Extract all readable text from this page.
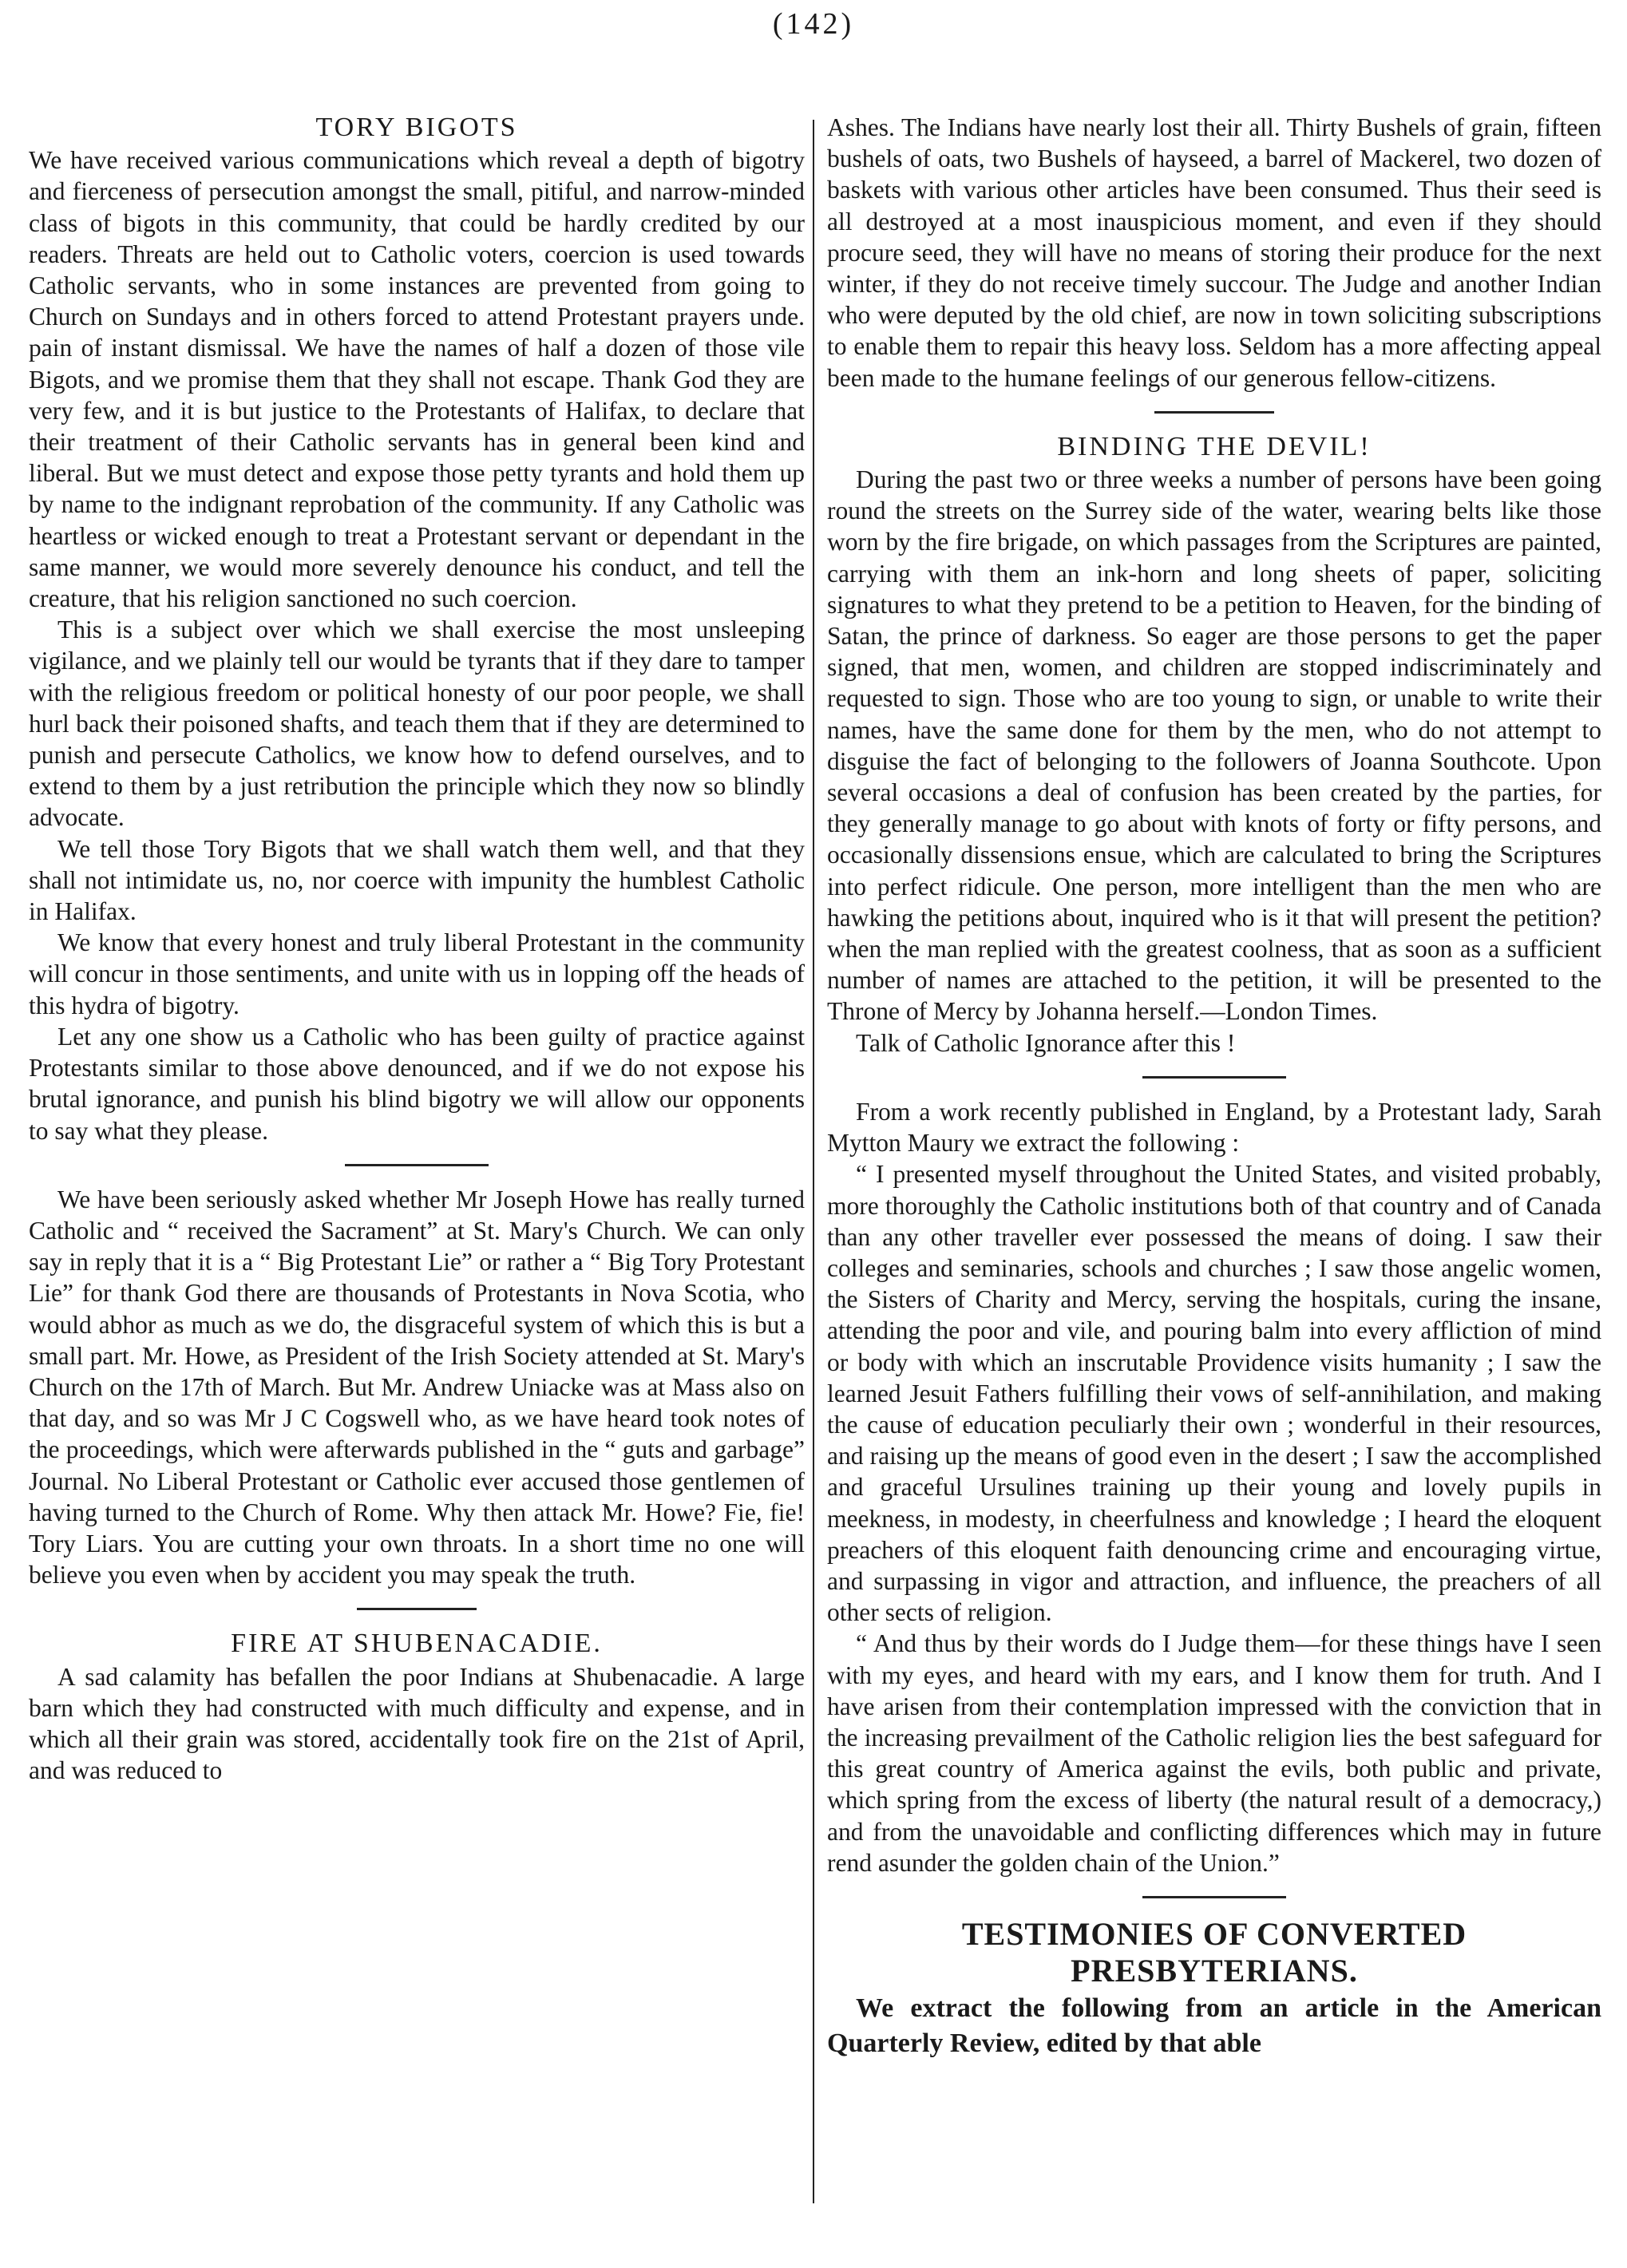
(142)
TORY BIGOTS

We have received various communications which reveal a depth of bigotry and fierceness of persecution amongst the small, pitiful, and narrow-minded class of bigots in this community, that could be hardly credited by our readers. Threats are held out to Catholic voters, coercion is used towards Catholic servants, who in some instances are prevented from going to Church on Sundays and in others forced to attend Protestant prayers unde. pain of instant dismissal. We have the names of half a dozen of those vile Bigots, and we promise them that they shall not escape. Thank God they are very few, and it is but justice to the Protestants of Halifax, to declare that their treatment of their Catholic servants has in general been kind and liberal. But we must detect and expose those petty tyrants and hold them up by name to the indignant reprobation of the community. If any Catholic was heartless or wicked enough to treat a Protestant servant or dependant in the same manner, we would more severely denounce his conduct, and tell the creature, that his religion sanctioned no such coercion.

This is a subject over which we shall exercise the most unsleeping vigilance, and we plainly tell our would be tyrants that if they dare to tamper with the religious freedom or political honesty of our poor people, we shall hurl back their poisoned shafts, and teach them that if they are determined to punish and persecute Catholics, we know how to defend ourselves, and to extend to them by a just retribution the principle which they now so blindly advocate.

We tell those Tory Bigots that we shall watch them well, and that they shall not intimidate us, no, nor coerce with impunity the humblest Catholic in Halifax.

We know that every honest and truly liberal Protestant in the community will concur in those sentiments, and unite with us in lopping off the heads of this hydra of bigotry.

Let any one show us a Catholic who has been guilty of practice against Protestants similar to those above denounced, and if we do not expose his brutal ignorance, and punish his blind bigotry we will allow our opponents to say what they please.

We have been seriously asked whether Mr Joseph Howe has really turned Catholic and “ received the Sacrament” at St. Mary's Church. We can only say in reply that it is a “ Big Protestant Lie” or rather a “ Big Tory Protestant Lie” for thank God there are thousands of Protestants in Nova Scotia, who would abhor as much as we do, the disgraceful system of which this is but a small part. Mr. Howe, as President of the Irish Society attended at St. Mary's Church on the 17th of March. But Mr. Andrew Uniacke was at Mass also on that day, and so was Mr J C Cogswell who, as we have heard took notes of the proceedings, which were afterwards published in the “ guts and garbage” Journal. No Liberal Protestant or Catholic ever accused those gentlemen of having turned to the Church of Rome. Why then attack Mr. Howe? Fie, fie! Tory Liars. You are cutting your own throats. In a short time no one will believe you even when by accident you may speak the truth.

FIRE AT SHUBENACADIE.

A sad calamity has befallen the poor Indians at Shubenacadie. A large barn which they had constructed with much difficulty and expense, and in which all their grain was stored, accidentally took fire on the 21st of April, and was reduced to

Ashes. The Indians have nearly lost their all. Thirty Bushels of grain, fifteen bushels of oats, two Bushels of hayseed, a barrel of Mackerel, two dozen of baskets with various other articles have been consumed. Thus their seed is all destroyed at a most inauspicious moment, and even if they should procure seed, they will have no means of storing their produce for the next winter, if they do not receive timely succour. The Judge and another Indian who were deputed by the old chief, are now in town soliciting subscriptions to enable them to repair this heavy loss. Seldom has a more affecting appeal been made to the humane feelings of our generous fellow-citizens.

BINDING THE DEVIL!

During the past two or three weeks a number of persons have been going round the streets on the Surrey side of the water, wearing belts like those worn by the fire brigade, on which passages from the Scriptures are painted, carrying with them an ink-horn and long sheets of paper, soliciting signatures to what they pretend to be a petition to Heaven, for the binding of Satan, the prince of darkness. So eager are those persons to get the paper signed, that men, women, and children are stopped indiscriminately and requested to sign. Those who are too young to sign, or unable to write their names, have the same done for them by the men, who do not attempt to disguise the fact of belonging to the followers of Joanna Southcote. Upon several occasions a deal of confusion has been created by the parties, for they generally manage to go about with knots of forty or fifty persons, and occasionally dissensions ensue, which are calculated to bring the Scriptures into perfect ridicule. One person, more intelligent than the men who are hawking the petitions about, inquired who is it that will present the petition? when the man replied with the greatest coolness, that as soon as a sufficient number of names are attached to the petition, it will be presented to the Throne of Mercy by Johanna herself.—London Times.

Talk of Catholic Ignorance after this !

From a work recently published in England, by a Protestant lady, Sarah Mytton Maury we extract the following :

“ I presented myself throughout the United States, and visited probably, more thoroughly the Catholic institutions both of that country and of Canada than any other traveller ever possessed the means of doing. I saw their colleges and seminaries, schools and churches ; I saw those angelic women, the Sisters of Charity and Mercy, serving the hospitals, curing the insane, attending the poor and vile, and pouring balm into every affliction of mind or body with which an inscrutable Providence visits humanity ; I saw the learned Jesuit Fathers fulfilling their vows of self-annihilation, and making the cause of education peculiarly their own ; wonderful in their resources, and raising up the means of good even in the desert ; I saw the accomplished and graceful Ursulines training up their young and lovely pupils in meekness, in modesty, in cheerfulness and knowledge ; I heard the eloquent preachers of this eloquent faith denouncing crime and encouraging virtue, and surpassing in vigor and attraction, and influence, the preachers of all other sects of religion.

“ And thus by their words do I Judge them—for these things have I seen with my eyes, and heard with my ears, and I know them for truth. And I have arisen from their contemplation impressed with the conviction that in the increasing prevailment of the Catholic religion lies the best safeguard for this great country of America against the evils, both public and private, which spring from the excess of liberty (the natural result of a democracy,) and from the unavoidable and conflicting differences which may in future rend asunder the golden chain of the Union.”

TESTIMONIES OF CONVERTED PRESBYTERIANS.

We extract the following from an article in the American Quarterly Review, edited by that able
